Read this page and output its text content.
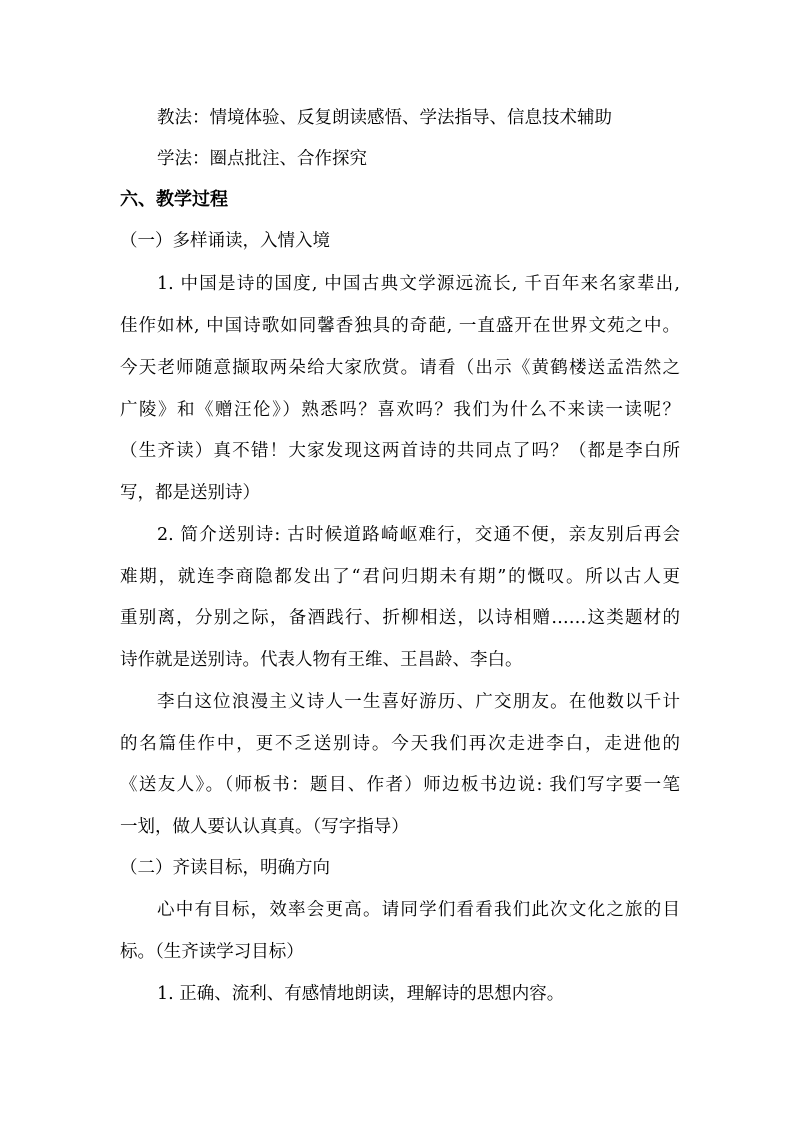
教法：情境体验、反复朗读感悟、学法指导、信息技术辅助
学法：圈点批注、合作探究
六、教学过程
（一）多样诵读，入情入境
1. 中国是诗的国度, 中国古典文学源远流长, 千百年来名家辈出,
佳作如林, 中国诗歌如同馨香独具的奇葩, 一直盛开在世界文苑之中。
今天老师随意撷取两朵给大家欣赏。请看（出示《黄鹤楼送孟浩然之
广陵》和《赠汪伦》）熟悉吗？喜欢吗？我们为什么不来读一读呢？
（生齐读）真不错！大家发现这两首诗的共同点了吗？（都是李白所
写，都是送别诗）
2. 简介送别诗: 古时候道路崎岖难行，交通不便，亲友别后再会
难期，就连李商隐都发出了“君问归期未有期”的慨叹。所以古人更
重别离，分别之际，备酒践行、折柳相送，以诗相赠……这类题材的
诗作就是送别诗。代表人物有王维、王昌龄、李白。
李白这位浪漫主义诗人一生喜好游历、广交朋友。在他数以千计
的名篇佳作中，更不乏送别诗。今天我们再次走进李白，走进他的
《送友人》。（师板书：题目、作者）师边板书边说: 我们写字要一笔
一划，做人要认认真真。（写字指导）
（二）齐读目标，明确方向
心中有目标，效率会更高。请同学们看看我们此次文化之旅的目
标。（生齐读学习目标）
1. 正确、流利、有感情地朗读，理解诗的思想内容。
